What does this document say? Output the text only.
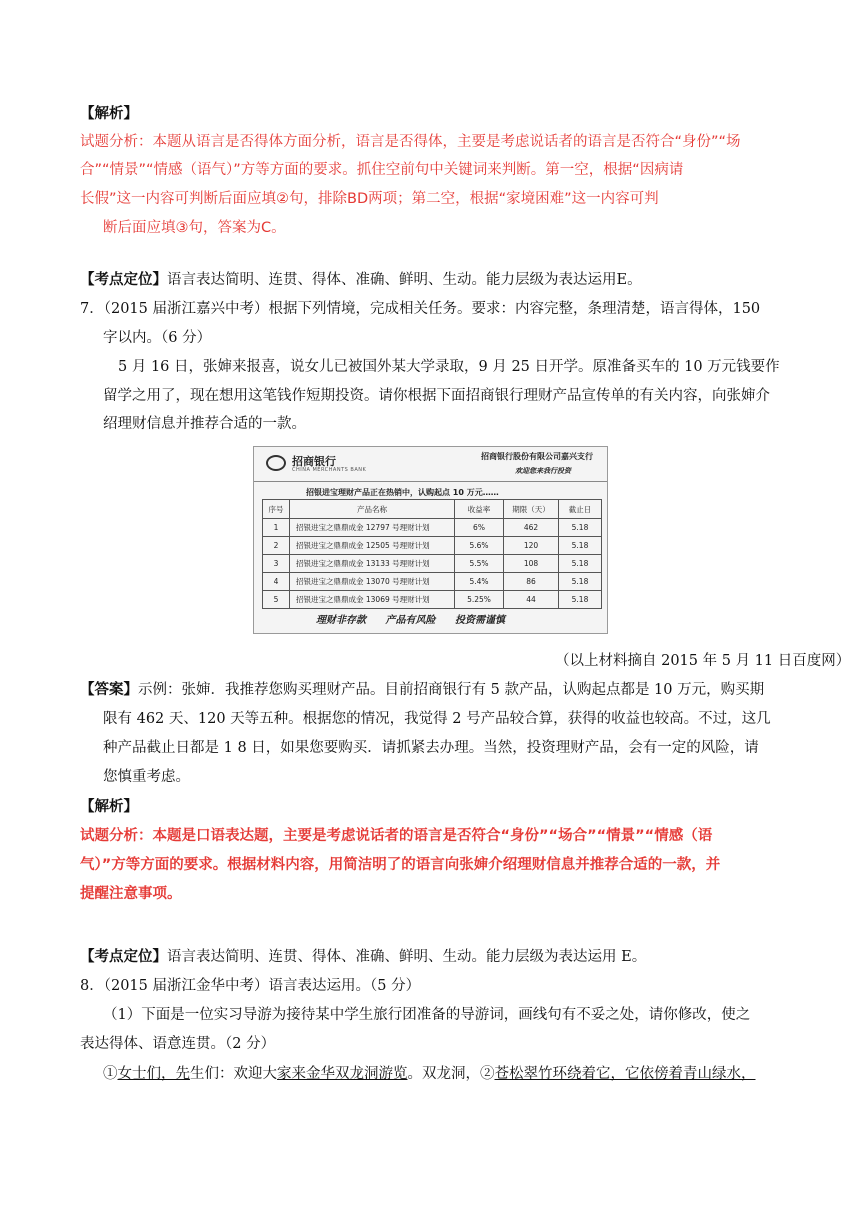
【解析】
试题分析：本题从语言是否得体方面分析，语言是否得体，主要是考虑说话者的语言是否符合“身份”“场
合”“情景”“情感（语气）”方等方面的要求。抓住空前句中关键词来判断。第一空，根据“因病请
长假”这一内容可判断后面应填②句，排除BD两项；第二空，根据“家境困难”这一内容可判
断后面应填③句，答案为C。
【考点定位】语言表达简明、连贯、得体、准确、鲜明、生动。能力层级为表达运用E。
7．（2015 届浙江嘉兴中考）根据下列情境，完成相关任务。要求：内容完整，条理清楚，语言得体，150
字以内。（6 分）
5 月 16 日，张婶来报喜，说女儿已被国外某大学录取，9 月 25 日开学。原准备买车的 10 万元钱要作
留学之用了，现在想用这笔钱作短期投资。请你根据下面招商银行理财产品宣传单的有关内容，向张婶介
绍理财信息并推荐合适的一款。
招商银行
CHINA MERCHANTS BANK
招商银行股份有限公司嘉兴支行
欢迎您来我行投资
招银进宝理财产品正在热销中，认购起点 10 万元……
序号	产品名称	收益率	期限（天）	截止日
1	招银进宝之鼎鼎成金 12797 号理财计划	6%	462	5.18
2	招银进宝之鼎鼎成金 12505 号理财计划	5.6%	120	5.18
3	招银进宝之鼎鼎成金 13133 号理财计划	5.5%	108	5.18
4	招银进宝之鼎鼎成金 13070 号理财计划	5.4%	86	5.18
5	招银进宝之鼎鼎成金 13069 号理财计划	5.25%	44	5.18
理财非存款 产品有风险 投资需谨慎
（以上材料摘自 2015 年 5 月 11 日百度网）
【答案】示例：张婶．我推荐您购买理财产品。目前招商银行有 5 款产品，认购起点都是 10 万元，购买期
限有 462 天、120 天等五种。根据您的情况，我觉得 2 号产品较合算，获得的收益也较高。不过，这几
种产品截止日都是 1 8 日，如果您要购买．请抓紧去办理。当然，投资理财产品，会有一定的风险，请
您慎重考虑。
【解析】
试题分析：本题是口语表达题，主要是考虑说话者的语言是否符合“身份”“场合”“情景”“情感（语
气）”方等方面的要求。根据材料内容，用简洁明了的语言向张婶介绍理财信息并推荐合适的一款，并
提醒注意事项。
【考点定位】语言表达简明、连贯、得体、准确、鲜明、生动。能力层级为表达运用 E。
8．（2015 届浙江金华中考）语言表达运用。（5 分）
（1）下面是一位实习导游为接待某中学生旅行团准备的导游词，画线句有不妥之处，请你修改，使之
表达得体、语意连贯。（2 分）
①女士们，先生们：欢迎大家来金华双龙洞游览。双龙洞，②苍松翠竹环绕着它，它依傍着青山绿水，
